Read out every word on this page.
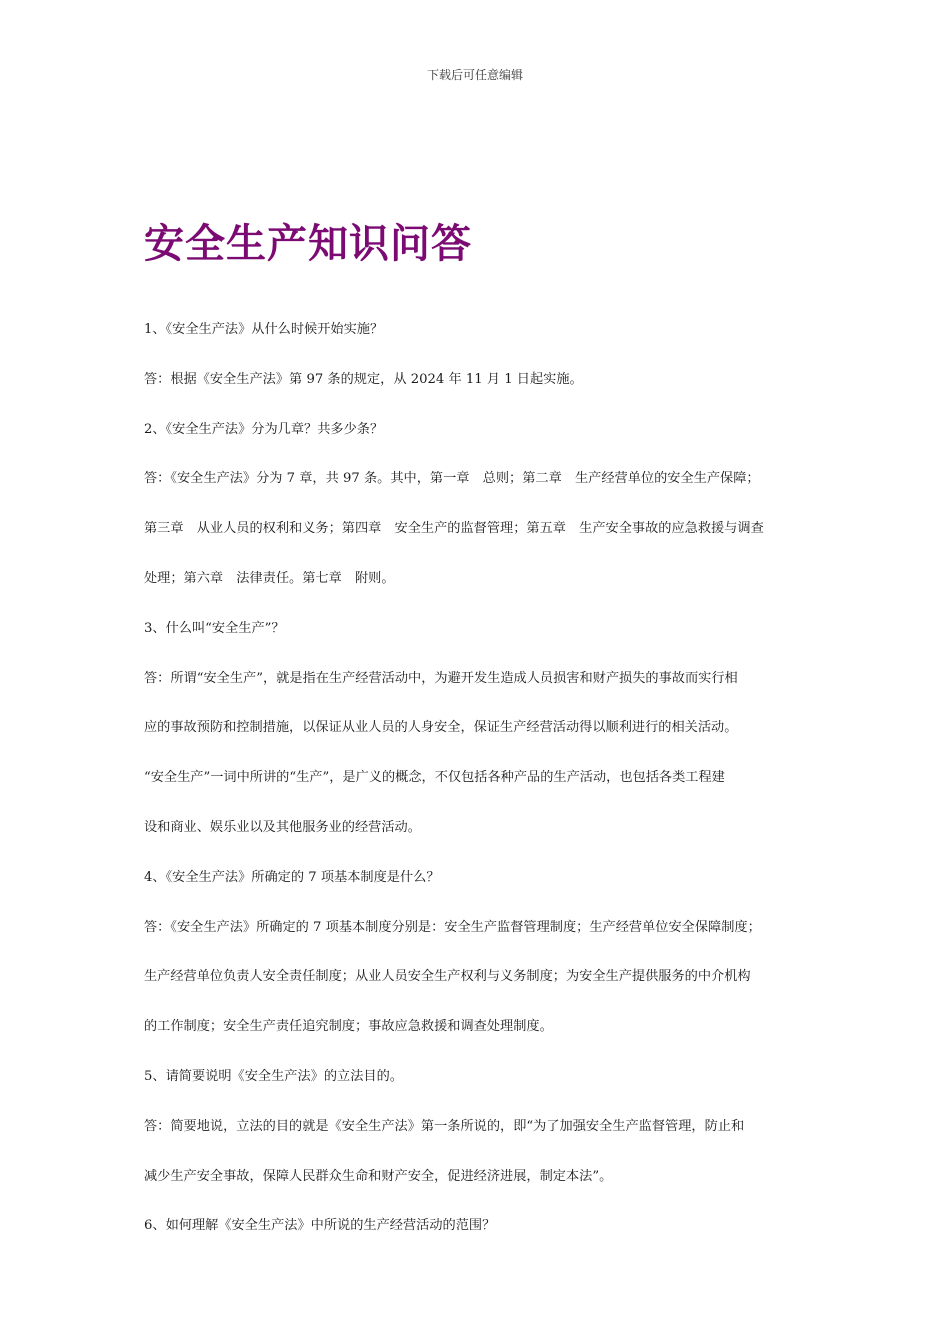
下载后可任意编辑
安全生产知识问答
1、《安全生产法》从什么时候开始实施？
答：根据《安全生产法》第 97 条的规定，从 2024 年 11 月 1 日起实施。
2、《安全生产法》分为几章？共多少条？
答：《安全生产法》分为 7 章，共 97 条。其中，第一章　总则；第二章　生产经营单位的安全生产保障；
第三章　从业人员的权利和义务；第四章　安全生产的监督管理；第五章　生产安全事故的应急救援与调查
处理；第六章　法律责任。第七章　附则。
3、什么叫“安全生产”？
答：所谓“安全生产”，就是指在生产经营活动中，为避开发生造成人员损害和财产损失的事故而实行相
应的事故预防和控制措施，以保证从业人员的人身安全，保证生产经营活动得以顺利进行的相关活动。
“安全生产”一词中所讲的“生产”，是广义的概念，不仅包括各种产品的生产活动，也包括各类工程建
设和商业、娱乐业以及其他服务业的经营活动。
4、《安全生产法》所确定的 7 项基本制度是什么？
答：《安全生产法》所确定的 7 项基本制度分别是：安全生产监督管理制度；生产经营单位安全保障制度；
生产经营单位负责人安全责任制度；从业人员安全生产权利与义务制度；为安全生产提供服务的中介机构
的工作制度；安全生产责任追究制度；事故应急救援和调查处理制度。
5、请简要说明《安全生产法》的立法目的。
答：简要地说，立法的目的就是《安全生产法》第一条所说的，即“为了加强安全生产监督管理，防止和
减少生产安全事故，保障人民群众生命和财产安全，促进经济进展，制定本法”。
6、如何理解《安全生产法》中所说的生产经营活动的范围？
